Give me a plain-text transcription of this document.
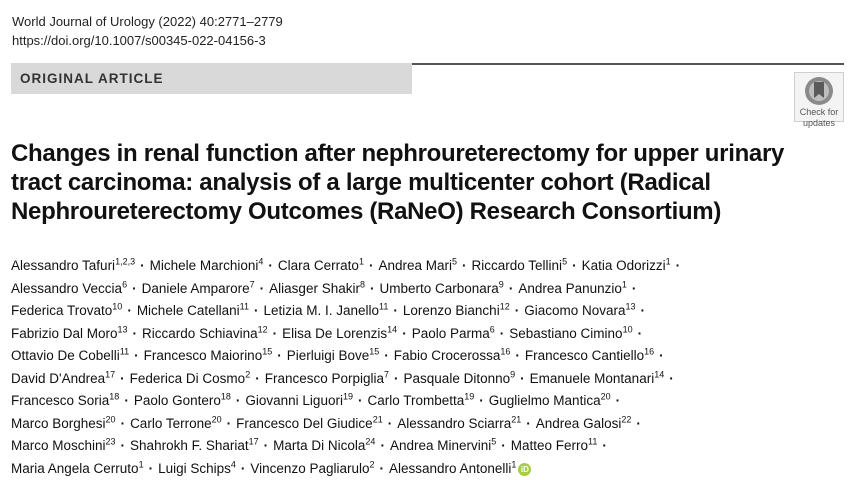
World Journal of Urology (2022) 40:2771–2779
https://doi.org/10.1007/s00345-022-04156-3
ORIGINAL ARTICLE
Check for
updates
Changes in renal function after nephroureterectomy for upper urinary
tract carcinoma: analysis of a large multicenter cohort (Radical
Nephroureterectomy Outcomes (RaNeO) Research Consortium)
Alessandro Tafuri$^{1,2,3}$ · Michele Marchioni$^4$ · Clara Cerrato$^1$ · Andrea Mari$^5$ · Riccardo Tellini$^5$ · Katia Odorizzi$^1$ ·
Alessandro Veccia$^6$ · Daniele Amparore$^7$ · Aliasger Shakir$^8$ · Umberto Carbonara$^9$ · Andrea Panunzio$^1$ ·
Federica Trovato$^{10}$ · Michele Catellani$^{11}$ · Letizia M. I. Janello$^{11}$ · Lorenzo Bianchi$^{12}$ · Giacomo Novara$^{13}$ ·
Fabrizio Dal Moro$^{13}$ · Riccardo Schiavina$^{12}$ · Elisa De Lorenzis$^{14}$ · Paolo Parma$^6$ · Sebastiano Cimino$^{10}$ ·
Ottavio De Cobelli$^{11}$ · Francesco Maiorino$^{15}$ · Pierluigi Bove$^{15}$ · Fabio Crocerossa$^{16}$ · Francesco Cantiello$^{16}$ ·
David D'Andrea$^{17}$ · Federica Di Cosmo$^2$ · Francesco Porpiglia$^7$ · Pasquale Ditonno$^9$ · Emanuele Montanari$^{14}$ ·
Francesco Soria$^{18}$ · Paolo Gontero$^{18}$ · Giovanni Liguori$^{19}$ · Carlo Trombetta$^{19}$ · Guglielmo Mantica$^{20}$ ·
Marco Borghesi$^{20}$ · Carlo Terrone$^{20}$ · Francesco Del Giudice$^{21}$ · Alessandro Sciarra$^{21}$ · Andrea Galosi$^{22}$ ·
Marco Moschini$^{23}$ · Shahrokh F. Shariat$^{17}$ · Marta Di Nicola$^{24}$ · Andrea Minervini$^5$ · Matteo Ferro$^{11}$ ·
Maria Angela Cerruto$^1$ · Luigi Schips$^4$ · Vincenzo Pagliarulo$^2$ · Alessandro Antonelli$^1$ iD
